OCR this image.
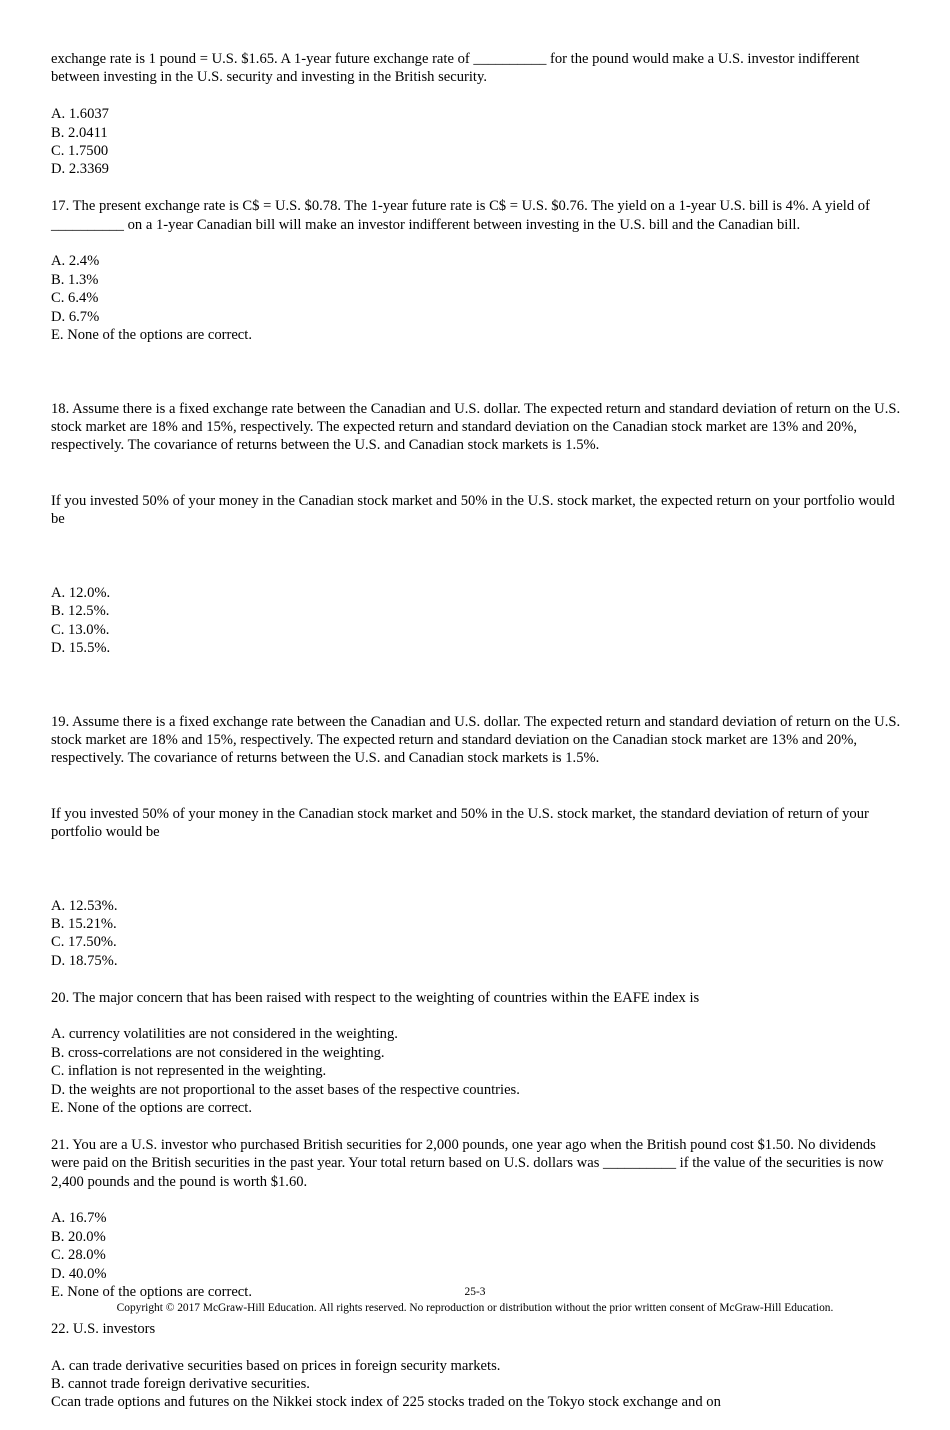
exchange rate is 1 pound = U.S. $1.65. A 1-year future exchange rate of __________ for the pound would make a U.S. investor indifferent between investing in the U.S. security and investing in the British security.

A. 1.6037

B. 2.0411

C. 1.7500

D. 2.3369

17. The present exchange rate is C$ = U.S. $0.78. The 1-year future rate is C$ = U.S. $0.76. The yield on a 1-year U.S. bill is 4%. A yield of __________ on a 1-year Canadian bill will make an investor indifferent between investing in the U.S. bill and the Canadian bill.

A. 2.4%

B. 1.3%

C. 6.4%

D. 6.7%

E. None of the options are correct.

18. Assume there is a fixed exchange rate between the Canadian and U.S. dollar. The expected return and standard deviation of return on the U.S. stock market are 18% and 15%, respectively. The expected return and standard deviation on the Canadian stock market are 13% and 20%, respectively. The covariance of returns between the U.S. and Canadian stock markets is 1.5%.

If you invested 50% of your money in the Canadian stock market and 50% in the U.S. stock market, the expected return on your portfolio would be

A. 12.0%.

B. 12.5%.

C. 13.0%.

D. 15.5%.

19. Assume there is a fixed exchange rate between the Canadian and U.S. dollar. The expected return and standard deviation of return on the U.S. stock market are 18% and 15%, respectively. The expected return and standard deviation on the Canadian stock market are 13% and 20%, respectively. The covariance of returns between the U.S. and Canadian stock markets is 1.5%.

If you invested 50% of your money in the Canadian stock market and 50% in the U.S. stock market, the standard deviation of return of your portfolio would be

A. 12.53%.

B. 15.21%.

C. 17.50%.

D. 18.75%.

20. The major concern that has been raised with respect to the weighting of countries within the EAFE index is

A. currency volatilities are not considered in the weighting.

B. cross-correlations are not considered in the weighting.

C. inflation is not represented in the weighting.

D. the weights are not proportional to the asset bases of the respective countries.

E. None of the options are correct.

21. You are a U.S. investor who purchased British securities for 2,000 pounds, one year ago when the British pound cost $1.50. No dividends were paid on the British securities in the past year. Your total return based on U.S. dollars was __________ if the value of the securities is now 2,400 pounds and the pound is worth $1.60.

A. 16.7%

B. 20.0%

C. 28.0%

D. 40.0%

E. None of the options are correct.

22. U.S. investors

A. can trade derivative securities based on prices in foreign security markets.

B. cannot trade foreign derivative securities.

Ccan trade options and futures on the Nikkei stock index of 225 stocks traded on the Tokyo stock exchange and on

25-3
Copyright © 2017 McGraw-Hill Education. All rights reserved. No reproduction or distribution without the prior written consent of McGraw-Hill Education.
